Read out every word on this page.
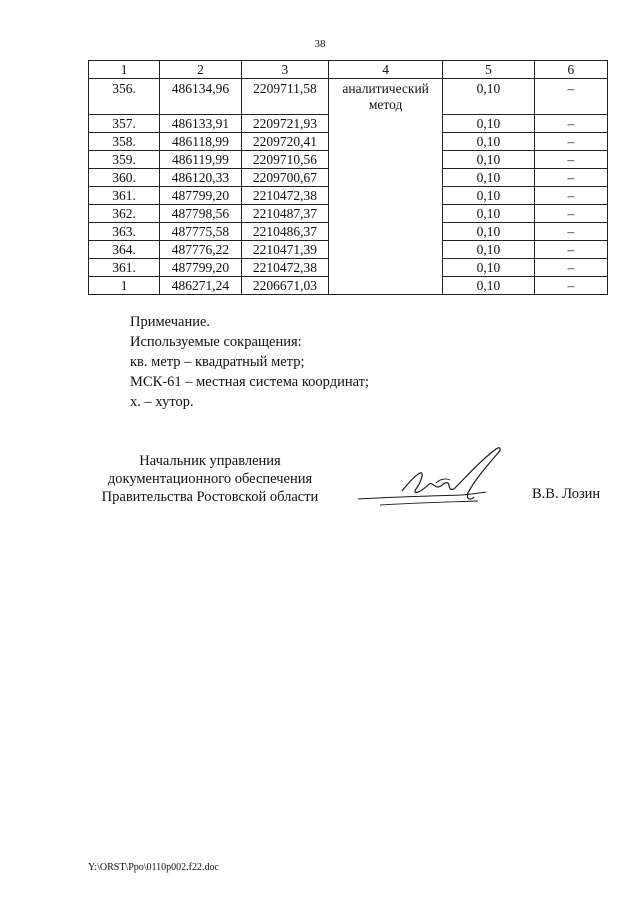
38
1	2	3	4	5	6
356.	486134,96	2209711,58	аналитический метод	0,10	–
357.	486133,91	2209721,93		0,10	–
358.	486118,99	2209720,41		0,10	–
359.	486119,99	2209710,56		0,10	–
360.	486120,33	2209700,67		0,10	–
361.	487799,20	2210472,38		0,10	–
362.	487798,56	2210487,37		0,10	–
363.	487775,58	2210486,37		0,10	–
364.	487776,22	2210471,39		0,10	–
361.	487799,20	2210472,38		0,10	–
1	486271,24	2206671,03		0,10	–
Примечание.
Используемые сокращения:
кв. метр – квадратный метр;
МСК-61 – местная система координат;
х. – хутор.
Начальник управления
документационного обеспечения
Правительства Ростовской области	В.В. Лозин
Y:\ORST\Ppo\0110p002.f22.doc
